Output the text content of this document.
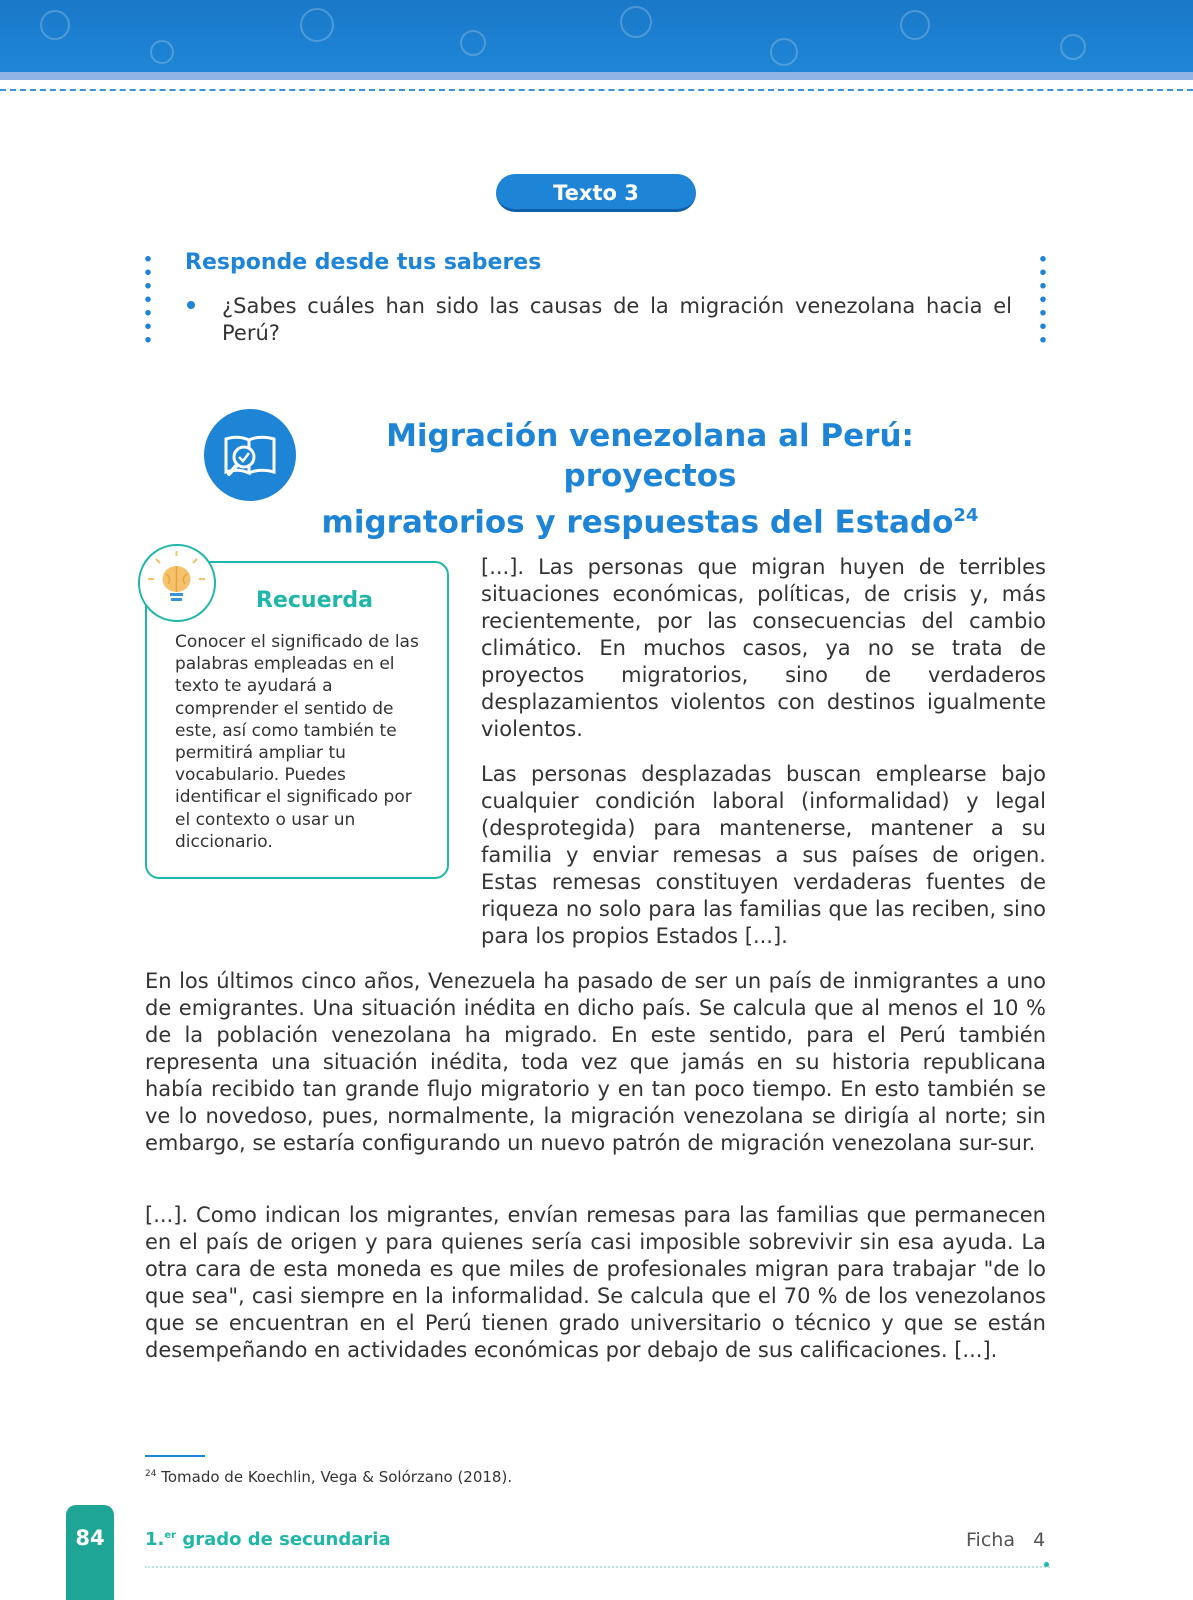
Texto 3
Responde desde tus saberes
¿Sabes cuáles han sido las causas de la migración venezolana hacia el Perú?
Migración venezolana al Perú: proyectos
migratorios y respuestas del Estado$^{24}$
Recuerda
Conocer el significado de las palabras empleadas en el texto te ayudará a comprender el sentido de este, así como también te permitirá ampliar tu vocabulario. Puedes identificar el significado por el contexto o usar un diccionario.
[...]. Las personas que migran huyen de terribles situaciones económicas, políticas, de crisis y, más recientemente, por las consecuencias del cambio climático. En muchos casos, ya no se trata de proyectos migratorios, sino de verdaderos desplazamientos violentos con destinos igualmente violentos.
Las personas desplazadas buscan emplearse bajo cualquier condición laboral (informalidad) y legal (desprotegida) para mantenerse, mantener a su familia y enviar remesas a sus países de origen. Estas remesas constituyen verdaderas fuentes de riqueza no solo para las familias que las reciben, sino para los propios Estados [...].
En los últimos cinco años, Venezuela ha pasado de ser un país de inmigrantes a uno de emigrantes. Una situación inédita en dicho país. Se calcula que al menos el 10 % de la población venezolana ha migrado. En este sentido, para el Perú también representa una situación inédita, toda vez que jamás en su historia republicana había recibido tan grande flujo migratorio y en tan poco tiempo. En esto también se ve lo novedoso, pues, normalmente, la migración venezolana se dirigía al norte; sin embargo, se estaría configurando un nuevo patrón de migración venezolana sur-sur.
[...]. Como indican los migrantes, envían remesas para las familias que permanecen en el país de origen y para quienes sería casi imposible sobrevivir sin esa ayuda. La otra cara de esta moneda es que miles de profesionales migran para trabajar "de lo que sea", casi siempre en la informalidad. Se calcula que el 70 % de los venezolanos que se encuentran en el Perú tienen grado universitario o técnico y que se están desempeñando en actividades económicas por debajo de sus calificaciones. [...].
$^{24}$ Tomado de Koechlin, Vega & Solórzano (2018).
84	1.$^{er}$ grado de secundaria	Ficha   4
